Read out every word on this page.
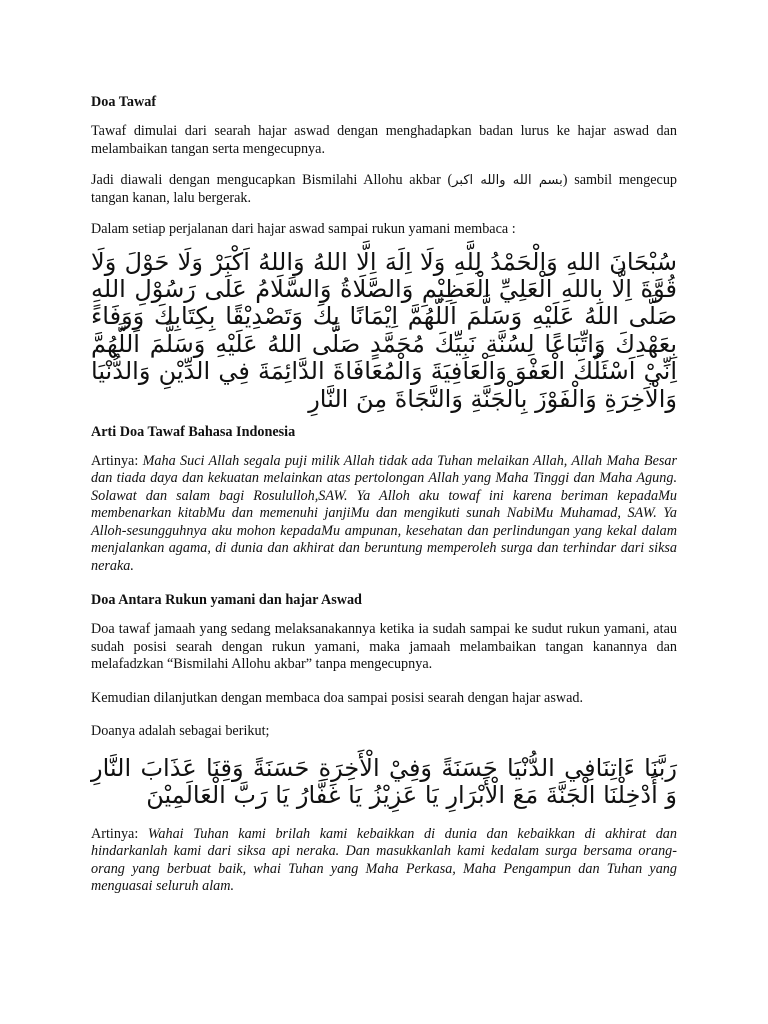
Doa Tawaf

Tawaf dimulai dari searah hajar aswad dengan menghadapkan badan lurus ke hajar aswad dan melambaikan tangan serta mengecupnya.

Jadi diawali dengan mengucapkan Bismilahi Allohu akbar (بسم الله والله اكبر) sambil mengecup tangan kanan, lalu bergerak.

Dalam setiap perjalanan dari hajar aswad sampai rukun yamani membaca :

سُبْحَانَ اللهِ وَالْحَمْدُ لِلَّهِ وَلَا اِلَهَ اِلَّا اللهُ وَاللهُ اَكْبَرْ وَلَا حَوْلَ وَلَا قُوَّةَ اِلَّا بِاللهِ الْعَلِيِّ الْعَظِيْمِ وَالصَّلَاةُ وَالسَّلَامُ عَلَى رَسُوْلِ اللهِ صَلَّى اللهُ عَلَيْهِ وَسَلَّمَ اَللَّهُمَّ اِيْمَانًا بِكَ وَتَصْدِيْقًا بِكِتَابِكَ وَوَفَاءً بِعَهْدِكَ وَاتِّبَاعًا لِسُنَّةِ نَبِيِّكَ مُحَمَّدٍ صَلَّى اللهُ عَلَيْهِ وَسَلَّمَ اَللَّهُمَّ اِنِّيْ اَسْئَلُكَ الْعَفْوَ وَالْعَافِيَةَ وَالْمُعَافَاةَ الدَّائِمَةَ فِي الدِّيْنِ وَالدُّنْيَا وَالْاَخِرَةِ وَالْفَوْزَ بِالْجَنَّةِ وَالنَّجَاةَ مِنَ النَّارِ

Arti Doa Tawaf Bahasa Indonesia

Artinya: Maha Suci Allah segala puji milik Allah tidak ada Tuhan melaikan Allah, Allah Maha Besar dan tiada daya dan kekuatan melainkan atas pertolongan Allah yang Maha Tinggi dan Maha Agung. Solawat dan salam bagi Rosululloh,SAW. Ya Alloh aku towaf ini karena beriman kepadaMu membenarkan kitabMu dan memenuhi janjiMu dan mengikuti sunah NabiMu Muhamad, SAW. Ya Alloh-sesungguhnya aku mohon kepadaMu ampunan, kesehatan dan perlindungan yang kekal dalam menjalankan agama, di dunia dan akhirat dan beruntung memperoleh surga dan terhindar dari siksa neraka.

Doa Antara Rukun yamani dan hajar Aswad

Doa tawaf jamaah yang sedang melaksanakannya ketika ia sudah sampai ke sudut rukun yamani, atau sudah posisi searah dengan rukun yamani, maka jamaah melambaikan tangan kanannya dan melafadzkan “Bismilahi Allohu akbar” tanpa mengecupnya.

Kemudian dilanjutkan dengan membaca doa sampai posisi searah dengan hajar aswad.

Doanya adalah sebagai berikut;

رَبَّنَا ءَاتِنَافِي الدُّنْيَا حَسَنَةً وَفِيْ الْأَخِرَةِ حَسَنَةً وَقِنَا عَذَابَ النَّارِ وَ أَدْخِلْنَا الْجَنَّةَ مَعَ الْأَبْرَارِ يَا عَزِيْزُ يَا غَفَّارُ يَا رَبَّ الْعَالَمِيْنَ

Artinya: Wahai Tuhan kami brilah kami kebaikkan di dunia dan kebaikkan di akhirat dan hindarkanlah kami dari siksa api neraka. Dan masukkanlah kami kedalam surga bersama orang-orang yang berbuat baik, whai Tuhan yang Maha Perkasa, Maha Pengampun dan Tuhan yang menguasai seluruh alam.
